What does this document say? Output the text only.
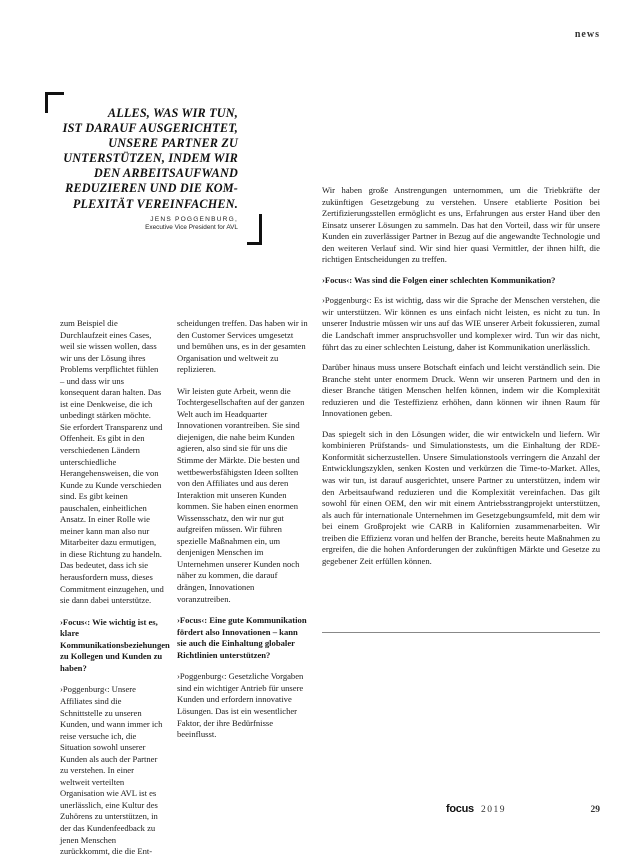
news
ALLES, WAS WIR TUN,
IST DARAUF AUSGERICHTET,
UNSERE PARTNER ZU
UNTERSTÜTZEN, INDEM WIR
DEN ARBEITSAUFWAND
REDUZIEREN UND DIE KOM-
PLEXITÄT VEREINFACHEN.
JENS POGGENBURG,
Executive Vice President for AVL

zum Beispiel die Durchlaufzeit eines Cases, weil sie wissen wollen, dass wir uns der Lösung ihres Problems verpflichtet fühlen – und dass wir uns konsequent daran halten. Das ist eine Denkweise, die ich unbedingt stärken möchte. Sie erfordert Transparenz und Offenheit. Es gibt in den verschiedenen Ländern unterschiedliche Herangehensweisen, die von Kunde zu Kunde verschieden sind. Es gibt keinen pauschalen, einheitlichen Ansatz. In einer Rolle wie meiner kann man also nur Mitarbeiter dazu ermutigen, in diese Richtung zu handeln. Das bedeutet, dass ich sie herausfordern muss, dieses Commitment einzugehen, und sie dann dabei unterstütze.

›Focus‹: Wie wichtig ist es, klare Kommunikationsbeziehungen zu Kollegen und Kunden zu haben?

›Poggenburg‹: Unsere Affiliates sind die Schnittstelle zu unseren Kunden, und wann immer ich reise versuche ich, die Situation sowohl unserer Kunden als auch der Partner zu verstehen. In einer weltweit verteilten Organisation wie AVL ist es unerlässlich, eine Kultur des Zuhörens zu unterstützen, in der das Kundenfeedback zu jenen Menschen zurückkommt, die die Ent-

scheidungen treffen. Das haben wir in den Customer Services umgesetzt und bemühen uns, es in der gesamten Organisation und weltweit zu replizieren.

Wir leisten gute Arbeit, wenn die Tochtergesellschaften auf der ganzen Welt auch im Headquarter Innovationen vorantreiben. Sie sind diejenigen, die nahe beim Kunden agieren, also sind sie für uns die Stimme der Märkte. Die besten und wettbewerbsfähigsten Ideen sollten von den Affiliates und aus deren Interaktion mit unseren Kunden kommen. Sie haben einen enormen Wissensschatz, den wir nur gut aufgreifen müssen. Wir führen spezielle Maßnahmen ein, um denjenigen Menschen im Unternehmen unserer Kunden noch näher zu kommen, die darauf drängen, Innovationen voranzutreiben.

›Focus‹: Eine gute Kommunikation fördert also Innovationen – kann sie auch die Einhaltung globaler Richtlinien unterstützen?

›Poggenburg‹: Gesetzliche Vorgaben sind ein wichtiger Antrieb für unsere Kunden und erfordern innovative Lösungen. Das ist ein wesentlicher Faktor, der ihre Bedürfnisse beeinflusst.

Wir haben große Anstrengungen unternommen, um die Triebkräfte der zukünftigen Gesetzgebung zu verstehen. Unsere etablierte Position bei Zertifizierungsstellen ermöglicht es uns, Erfahrungen aus erster Hand über den Einsatz unserer Lösungen zu sammeln. Das hat den Vorteil, dass wir für unsere Kunden ein zuverlässiger Partner in Bezug auf die angewandte Technologie und den weiteren Verlauf sind. Wir sind hier quasi Vermittler, der ihnen hilft, die richtigen Entscheidungen zu treffen.

›Focus‹: Was sind die Folgen einer schlechten Kommunikation?

›Poggenburg‹: Es ist wichtig, dass wir die Sprache der Menschen verstehen, die wir unterstützen. Wir können es uns einfach nicht leisten, es nicht zu tun. In unserer Industrie müssen wir uns auf das WIE unserer Arbeit fokussieren, zumal die Landschaft immer anspruchsvoller und komplexer wird. Tun wir das nicht, führt das zu einer schlechten Leistung, daher ist Kommunikation unerlässlich.

Darüber hinaus muss unsere Botschaft einfach und leicht verständlich sein. Die Branche steht unter enormem Druck. Wenn wir unseren Partnern und den in dieser Branche tätigen Menschen helfen können, indem wir die Komplexität reduzieren und die Testeffizienz erhöhen, dann können wir ihnen Raum für Innovationen geben.

Das spiegelt sich in den Lösungen wider, die wir entwickeln und liefern. Wir kombinieren Prüfstands- und Simulationstests, um die Einhaltung der RDE-Konformität sicherzustellen. Unsere Simulationstools verringern die Anzahl der Entwicklungszyklen, senken Kosten und verkürzen die Time-to-Market. Alles, was wir tun, ist darauf ausgerichtet, unsere Partner zu unterstützen, indem wir den Arbeitsaufwand reduzieren und die Komplexität vereinfachen. Das gilt sowohl für einen OEM, den wir mit einem Antriebsstrangprojekt unterstützen, als auch für internationale Unternehmen im Gesetzgebungsumfeld, mit dem wir bei einem Großprojekt wie CARB in Kalifornien zusammenarbeiten. Wir treiben die Effizienz voran und helfen der Branche, bereits heute Maßnahmen zu ergreifen, die die hohen Anforderungen der zukünftigen Märkte und Gesetze zu gegebener Zeit erfüllen können.

focus 2019	29
